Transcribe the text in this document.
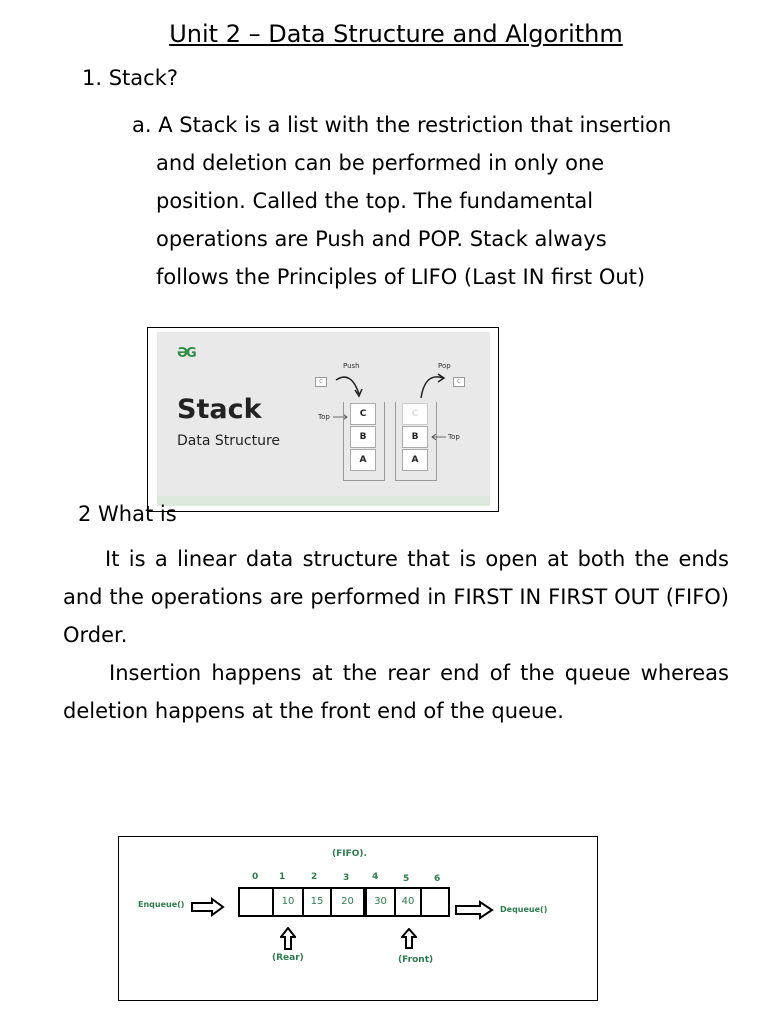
Unit 2 – Data Structure and Algorithm
1. Stack?
a. A Stack is a list with the restriction that insertion
and deletion can be performed in only one
position. Called the top. The fundamental
operations are Push and POP. Stack always
follows the Principles of LIFO (Last IN first Out)
ƏG
Stack
Data Structure
Push
C
Top	C
B
A
Pop
C
C
B
A
Top
2 What is

It is a linear data structure that is open at both the ends and the operations are performed in FIRST IN FIRST OUT (FIFO) Order.

Insertion happens at the rear end of the queue whereas deletion happens at the front end of the queue.

(FIFO).
0 1	2	3	4	5	6
10	15	20	30	40
Enqueue()
Dequeue()
(Rear)	(Front)
